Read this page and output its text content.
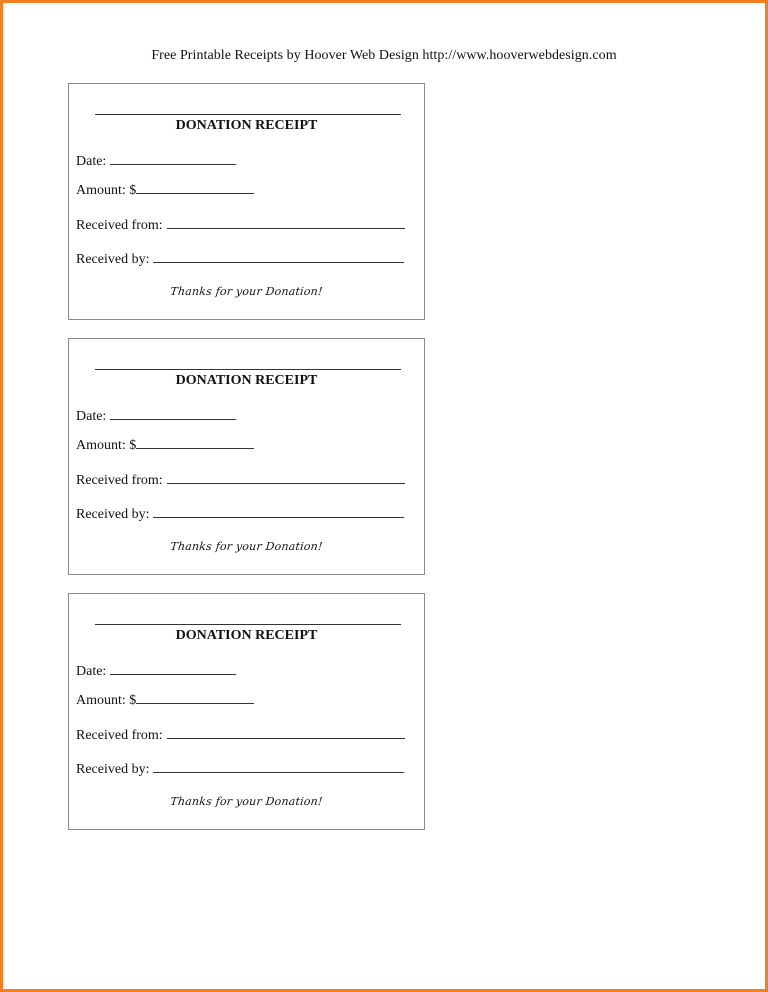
Free Printable Receipts by Hoover Web Design http://www.hooverwebdesign.com
DONATION RECEIPT
Date:
Amount: $
Received from:
Received by:
Thanks for your Donation!
DONATION RECEIPT
Date:
Amount: $
Received from:
Received by:
Thanks for your Donation!
DONATION RECEIPT
Date:
Amount: $
Received from:
Received by:
Thanks for your Donation!
